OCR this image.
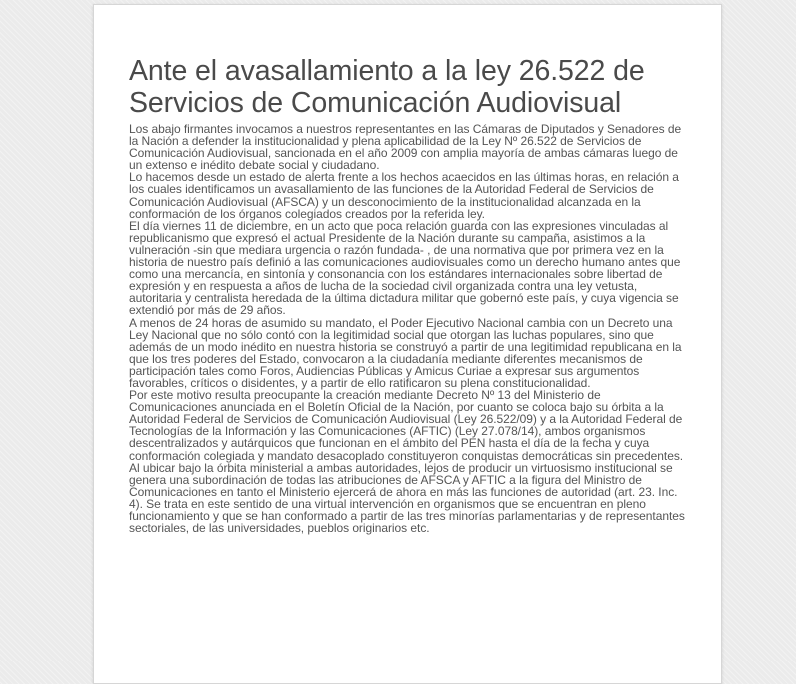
Ante el avasallamiento a la ley 26.522 de Servicios de Comunicación Audiovisual

Los abajo firmantes invocamos a nuestros representantes en las Cámaras de Diputados y Senadores de la Nación a defender la institucionalidad y plena aplicabilidad de la Ley Nº 26.522 de Servicios de Comunicación Audiovisual, sancionada en el año 2009 con amplia mayoría de ambas cámaras luego de un extenso e inédito debate social y ciudadano.

Lo hacemos desde un estado de alerta frente a los hechos acaecidos en las últimas horas, en relación a los cuales identificamos un avasallamiento de las funciones de la Autoridad Federal de Servicios de Comunicación Audiovisual (AFSCA) y un desconocimiento de la institucionalidad alcanzada en la conformación de los órganos colegiados creados por la referida ley.

El día viernes 11 de diciembre, en un acto que poca relación guarda con las expresiones vinculadas al republicanismo que expresó el actual Presidente de la Nación durante su campaña, asistimos a la vulneración -sin que mediara urgencia o razón fundada- , de una normativa que por primera vez en la historia de nuestro país definió a las comunicaciones audiovisuales como un derecho humano antes que como una mercancía, en sintonía y consonancia con los estándares internacionales sobre libertad de expresión y en respuesta a años de lucha de la sociedad civil organizada contra una ley vetusta, autoritaria y centralista heredada de la última dictadura militar que gobernó este país, y cuya vigencia se extendió por más de 29 años.

A menos de 24 horas de asumido su mandato, el Poder Ejecutivo Nacional cambia con un Decreto una Ley Nacional que no sólo contó con la legitimidad social que otorgan las luchas populares, sino que además de un modo inédito en nuestra historia se construyó a partir de una legitimidad republicana en la que los tres poderes del Estado, convocaron a la ciudadanía mediante diferentes mecanismos de participación tales como Foros, Audiencias Públicas y Amicus Curiae a expresar sus argumentos favorables, críticos o disidentes, y a partir de ello ratificaron su plena constitucionalidad.

Por este motivo resulta preocupante la creación mediante Decreto Nº 13 del Ministerio de Comunicaciones anunciada en el Boletín Oficial de la Nación, por cuanto se coloca bajo su órbita a la Autoridad Federal de Servicios de Comunicación Audiovisual (Ley 26.522/09) y a la Autoridad Federal de Tecnologías de la Información y las Comunicaciones (AFTIC) (Ley 27.078/14), ambos organismos descentralizados y autárquicos que funcionan en el ámbito del PEN hasta el día de la fecha y cuya conformación colegiada y mandato desacoplado constituyeron conquistas democráticas sin precedentes.

Al ubicar bajo la órbita ministerial a ambas autoridades, lejos de producir un virtuosismo institucional se genera una subordinación de todas las atribuciones de AFSCA y AFTIC a la figura del Ministro de Comunicaciones en tanto el Ministerio ejercerá de ahora en más las funciones de autoridad (art. 23. Inc. 4). Se trata en este sentido de una virtual intervención en organismos que se encuentran en pleno funcionamiento y que se han conformado a partir de las tres minorías parlamentarias y de representantes sectoriales, de las universidades, pueblos originarios etc.
